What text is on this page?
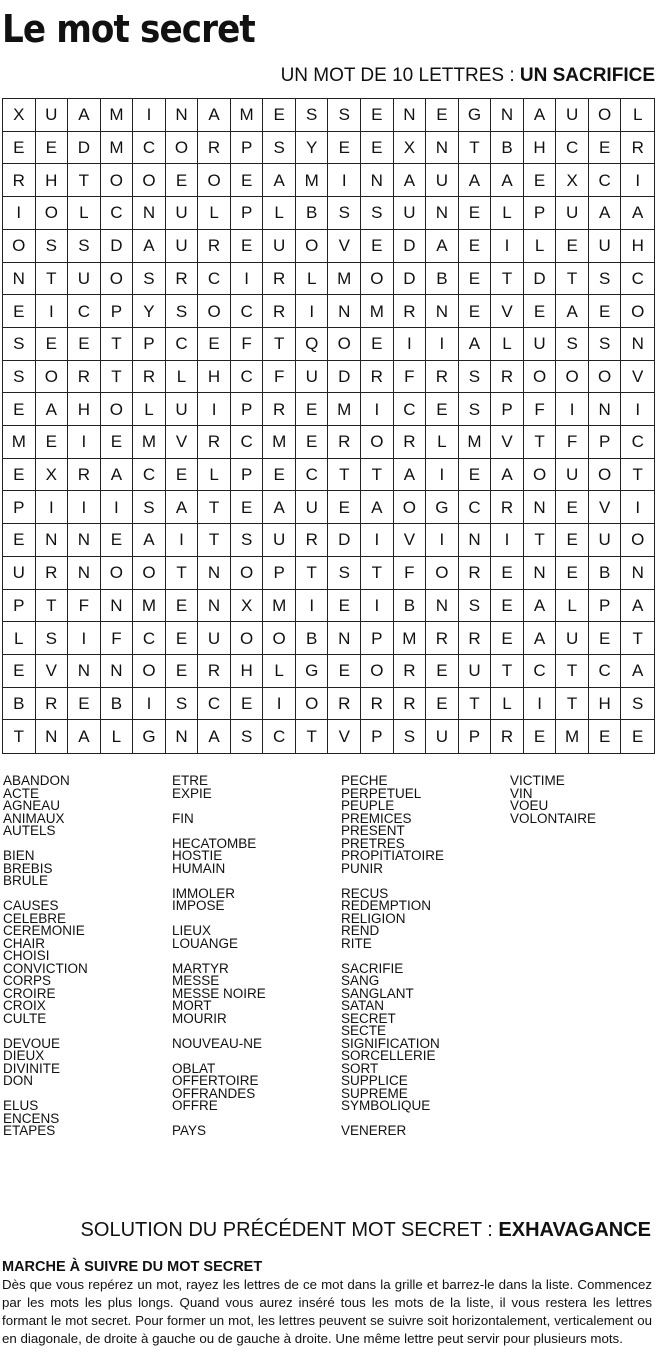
Le mot secret
UN MOT DE 10 LETTRES : UN SACRIFICE
X	U	A	M	I	N	A	M	E	S	S	E	N	E	G	N	A	U	O	L
E	E	D	M	C	O	R	P	S	Y	E	E	X	N	T	B	H	C	E	R
R	H	T	O	O	E	O	E	A	M	I	N	A	U	A	A	E	X	C	I
I	O	L	C	N	U	L	P	L	B	S	S	U	N	E	L	P	U	A	A
O	S	S	D	A	U	R	E	U	O	V	E	D	A	E	I	L	E	U	H
N	T	U	O	S	R	C	I	R	L	M	O	D	B	E	T	D	T	S	C
E	I	C	P	Y	S	O	C	R	I	N	M	R	N	E	V	E	A	E	O
S	E	E	T	P	C	E	F	T	Q	O	E	I	I	A	L	U	S	S	N
S	O	R	T	R	L	H	C	F	U	D	R	F	R	S	R	O	O	O	V
E	A	H	O	L	U	I	P	R	E	M	I	C	E	S	P	F	I	N	I
M	E	I	E	M	V	R	C	M	E	R	O	R	L	M	V	T	F	P	C
E	X	R	A	C	E	L	P	E	C	T	T	A	I	E	A	O	U	O	T
P	I	I	I	S	A	T	E	A	U	E	A	O	G	C	R	N	E	V	I
E	N	N	E	A	I	T	S	U	R	D	I	V	I	N	I	T	E	U	O
U	R	N	O	O	T	N	O	P	T	S	T	F	O	R	E	N	E	B	N
P	T	F	N	M	E	N	X	M	I	E	I	B	N	S	E	A	L	P	A
L	S	I	F	C	E	U	O	O	B	N	P	M	R	R	E	A	U	E	T
E	V	N	N	O	E	R	H	L	G	E	O	R	E	U	T	C	T	C	A
B	R	E	B	I	S	C	E	I	O	R	R	R	E	T	L	I	T	H	S
T	N	A	L	G	N	A	S	C	T	V	P	S	U	P	R	E	M	E	E
ABANDON
ACTE
AGNEAU
ANIMAUX
AUTELS
BIEN
BREBIS
BRULE
CAUSES
CELEBRE
CEREMONIE
CHAIR
CHOISI
CONVICTION
CORPS
CROIRE
CROIX
CULTE
DEVOUE
DIEUX
DIVINITE
DON
ELUS
ENCENS
ETAPES
ETRE
EXPIE
FIN
HECATOMBE
HOSTIE
HUMAIN
IMMOLER
IMPOSE
LIEUX
LOUANGE
MARTYR
MESSE
MESSE NOIRE
MORT
MOURIR
NOUVEAU-NE
OBLAT
OFFERTOIRE
OFFRANDES
OFFRE
PAYS
PECHE
PERPETUEL
PEUPLE
PREMICES
PRESENT
PRETRES
PROPITIATOIRE
PUNIR
RECUS
REDEMPTION
RELIGION
REND
RITE
SACRIFIE
SANG
SANGLANT
SATAN
SECRET
SECTE
SIGNIFICATION
SORCELLERIE
SORT
SUPPLICE
SUPREME
SYMBOLIQUE
VENERER
VICTIME
VIN
VOEU
VOLONTAIRE
SOLUTION DU PRÉCÉDENT MOT SECRET : EXHAVAGANCE
MARCHE À SUIVRE DU MOT SECRET
Dès que vous repérez un mot, rayez les lettres de ce mot dans la grille et barrez-le dans la liste. Commencez par les mots les plus longs. Quand vous aurez inséré tous les mots de la liste, il vous restera les lettres formant le mot secret. Pour former un mot, les lettres peuvent se suivre soit horizontalement, verticalement ou en diagonale, de droite à gauche ou de gauche à droite. Une même lettre peut servir pour plusieurs mots.
